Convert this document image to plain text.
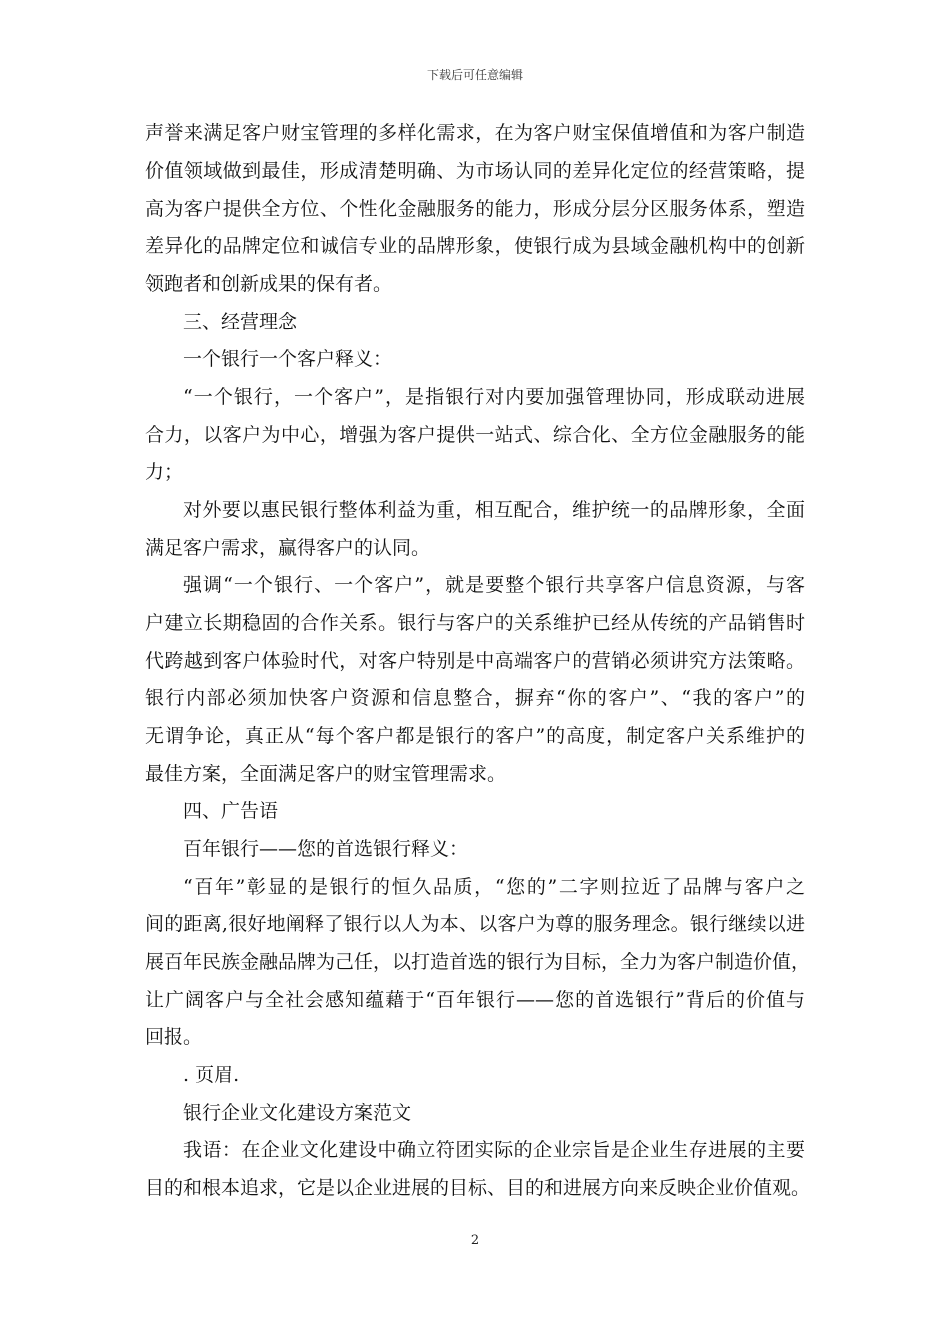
下载后可任意编辑
声誉来满足客户财宝管理的多样化需求，在为客户财宝保值增值和为客户制造
价值领域做到最佳，形成清楚明确、为市场认同的差异化定位的经营策略，提
高为客户提供全方位、个性化金融服务的能力，形成分层分区服务体系，塑造
差异化的品牌定位和诚信专业的品牌形象，使银行成为县域金融机构中的创新
领跑者和创新成果的保有者。
三、经营理念
一个银行一个客户释义：
“一个银行，一个客户”，是指银行对内要加强管理协同，形成联动进展
合力，以客户为中心，增强为客户提供一站式、综合化、全方位金融服务的能
力；
对外要以惠民银行整体利益为重，相互配合，维护统一的品牌形象，全面
满足客户需求，赢得客户的认同。
强调“一个银行、一个客户”，就是要整个银行共享客户信息资源，与客
户建立长期稳固的合作关系。银行与客户的关系维护已经从传统的产品销售时
代跨越到客户体验时代，对客户特别是中高端客户的营销必须讲究方法策略。
银行内部必须加快客户资源和信息整合，摒弃“你的客户”、“我的客户”的
无谓争论，真正从“每个客户都是银行的客户”的高度，制定客户关系维护的
最佳方案，全面满足客户的财宝管理需求。
四、广告语
百年银行——您的首选银行释义：
“百年”彰显的是银行的恒久品质，“您的”二字则拉近了品牌与客户之
间的距离,很好地阐释了银行以人为本、以客户为尊的服务理念。银行继续以进
展百年民族金融品牌为己任，以打造首选的银行为目标，全力为客户制造价值，
让广阔客户与全社会感知蕴藉于“百年银行——您的首选银行”背后的价值与
回报。
. 页眉.
银行企业文化建设方案范文
我语：在企业文化建设中确立符团实际的企业宗旨是企业生存进展的主要
目的和根本追求，它是以企业进展的目标、目的和进展方向来反映企业价值观。
2
